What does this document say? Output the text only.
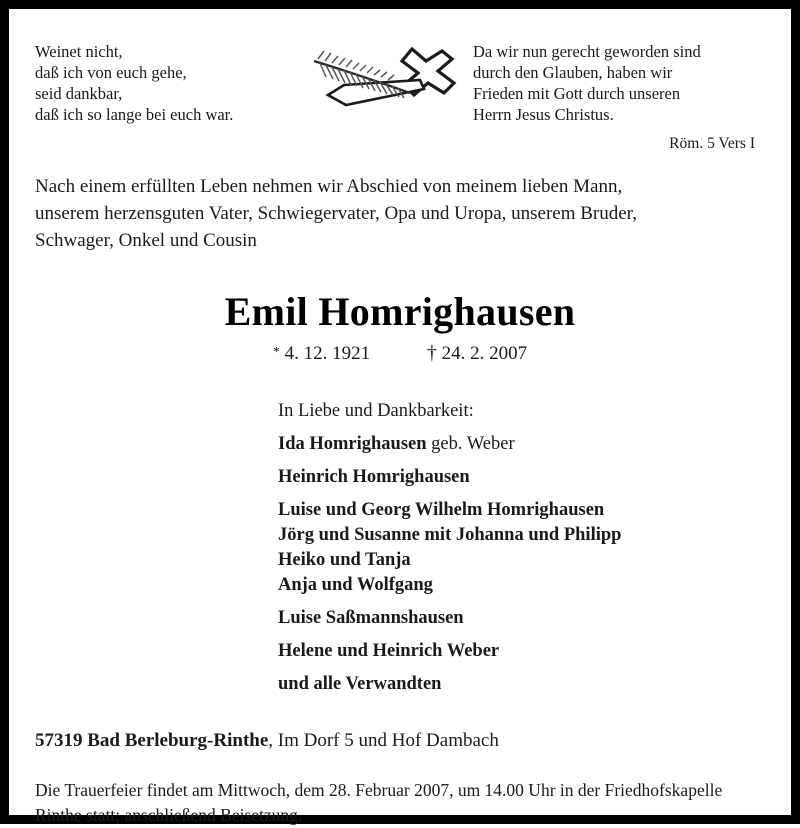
Weinet nicht,
daß ich von euch gehe,
seid dankbar,
daß ich so lange bei euch war.
Da wir nun gerecht geworden sind
durch den Glauben, haben wir
Frieden mit Gott durch unseren
Herrn Jesus Christus.
Röm. 5 Vers I
Nach einem erfüllten Leben nehmen wir Abschied von meinem lieben Mann,
unserem herzensguten Vater, Schwiegervater, Opa und Uropa, unserem Bruder,
Schwager, Onkel und Cousin
Emil Homrighausen
* 4. 12. 1921	† 24. 2. 2007
In Liebe und Dankbarkeit:
Ida Homrighausen geb. Weber
Heinrich Homrighausen
Luise und Georg Wilhelm Homrighausen
Jörg und Susanne mit Johanna und Philipp
Heiko und Tanja
Anja und Wolfgang
Luise Saßmannshausen
Helene und Heinrich Weber
und alle Verwandten
57319 Bad Berleburg-Rinthe, Im Dorf 5 und Hof Dambach
Die Trauerfeier findet am Mittwoch, dem 28. Februar 2007, um 14.00 Uhr in der Friedhofskapelle
Rinthe statt; anschließend Beisetzung.
